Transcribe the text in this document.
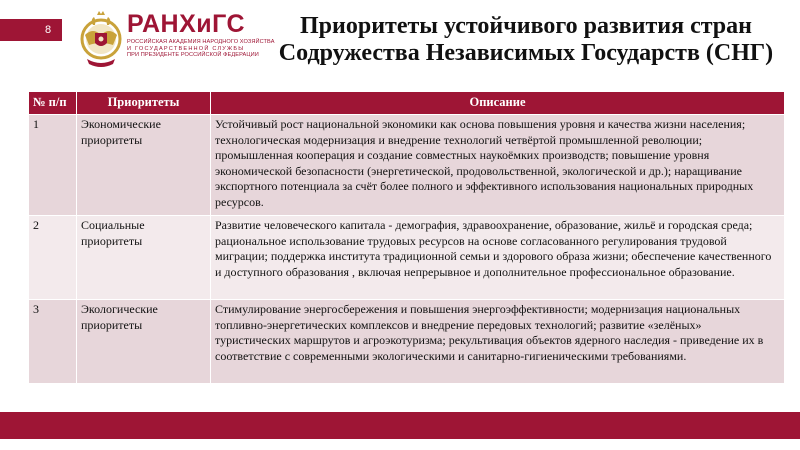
8	РАНХиГС
РОССИЙСКАЯ АКАДЕМИЯ НАРОДНОГО ХОЗЯЙСТВА
И ГОСУДАРСТВЕННОЙ СЛУЖБЫ
ПРИ ПРЕЗИДЕНТЕ РОССИЙСКОЙ ФЕДЕРАЦИИ
Приоритеты устойчивого развития стран
Содружества Независимых Государств (СНГ)
№ п/п	Приоритеты	Описание
1	Экономические приоритеты	Устойчивый рост национальной экономики как основа повышения уровня и качества жизни населения; технологическая модернизация и внедрение технологий четвёртой промышленной революции; промышленная кооперация и создание совместных наукоёмких производств; повышение уровня экономической безопасности (энергетической, продовольственной, экологической и др.); наращивание экспортного потенциала за счёт более полного и эффективного использования национальных природных ресурсов.
2	Социальные приоритеты	Развитие человеческого капитала - демография, здравоохранение, образование, жильё и городская среда; рациональное использование трудовых ресурсов на основе согласованного регулирования трудовой миграции; поддержка института традиционной семьи и здорового образа жизни; обеспечение качественного и доступного образования , включая непрерывное и дополнительное профессиональное образование.
3	Экологические приоритеты	Стимулирование энергосбережения и повышения энергоэффективности; модернизация национальных топливно-энергетических комплексов и внедрение передовых технологий; развитие «зелёных» туристических маршрутов и агроэкотуризма; рекультивация объектов ядерного наследия - приведение их в соответствие с современными экологическими и санитарно-гигиеническими требованиями.
